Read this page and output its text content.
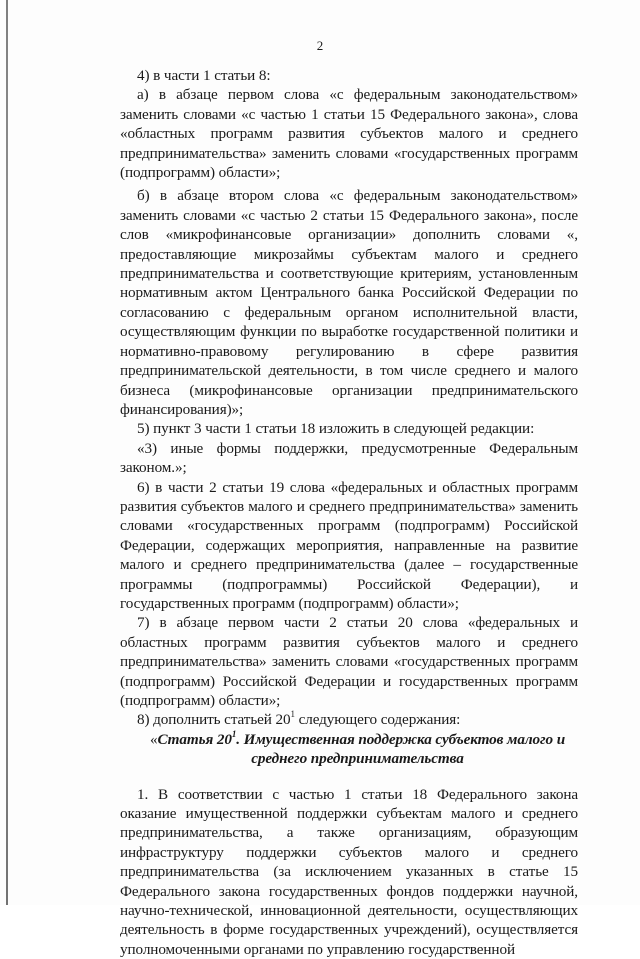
2

4) в части 1 статьи 8:

а) в абзаце первом слова «с федеральным законодательством» заменить словами «с частью 1 статьи 15 Федерального закона», слова «областных программ развития субъектов малого и среднего предпринимательства» заменить словами «государственных программ (подпрограмм) области»;

б) в абзаце втором слова «с федеральным законодательством» заменить словами «с частью 2 статьи 15 Федерального закона», после слов «микрофинансовые организации» дополнить словами «, предоставляющие микрозаймы субъектам малого и среднего предпринимательства и соответствующие критериям, установленным нормативным актом Центрального банка Российской Федерации по согласованию с федеральным органом исполнительной власти, осуществляющим функции по выработке государственной политики и нормативно-правовому регулированию в сфере развития предпринимательской деятельности, в том числе среднего и малого бизнеса (микрофинансовые организации предпринимательского финансирования)»;

5) пункт 3 части 1 статьи 18 изложить в следующей редакции:

«3) иные формы поддержки, предусмотренные Федеральным законом.»;

6) в части 2 статьи 19 слова «федеральных и областных программ развития субъектов малого и среднего предпринимательства» заменить словами «государственных программ (подпрограмм) Российской Федерации, содержащих мероприятия, направленные на развитие малого и среднего предпринимательства (далее – государственные программы (подпрограммы) Российской Федерации), и государственных программ (подпрограмм) области»;

7) в абзаце первом части 2 статьи 20 слова «федеральных и областных программ развития субъектов малого и среднего предпринимательства» заменить словами «государственных программ (подпрограмм) Российской Федерации и государственных программ (подпрограмм) области»;

8) дополнить статьей $20^1$ следующего содержания:

«Статья $20^1$. Имущественная поддержка субъектов малого и
среднего предпринимательства

1. В соответствии с частью 1 статьи 18 Федерального закона оказание имущественной поддержки субъектам малого и среднего предпринимательства, а также организациям, образующим инфраструктуру поддержки субъектов малого и среднего предпринимательства (за исключением указанных в статье 15 Федерального закона государственных фондов поддержки научной, научно-технической, инновационной деятельности, осуществляющих деятельность в форме государственных учреждений), осуществляется уполномоченными органами по управлению государственной
